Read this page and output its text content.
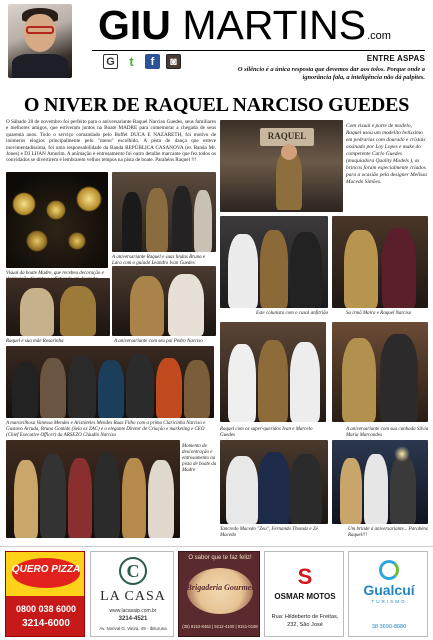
GIU MARTINS.com
G	t	f	◙	ENTRE ASPAS
O silêncio é a única resposta que devemos dar aos tolos. Porque onde a ignorância fala, a inteligência não dá palpites.
O NIVER DE RAQUEL NARCISO GUEDES
O Sábado 28 de novembro foi perfeito para o aniversariante Raquel Narciso Guedes, seus familiares e melhores amigos, que estiveram juntos na Boate MADRE para comemorar a chegada de seus quarenta anos. Todo o serviço comandado pelo Buffet DUCA E NAZARETH, foi motivo de inúmeros elogios principalmente pelo "menu" escolhido. A pista de dança que esteve movimentadíssima, foi uma responsabilidade da Banda REPÚBLICA CASANOVA (ex Banda Mr. Jones) e DJ LIJAN Amorim. A animação e entrosamento foi outro detalhe marcante que fez todos os convidados se divertirem e lembrarem velhos tempos na pista de boate. Parabéns Raquel !!!
Com visual e porte de modelo, Raquel usou um modelito belíssimo em pedrarias com dourado e cristais assinado por Loy Lopes e make do competente Carlo Guedes (maquiadora Quality Models ), as brincos foram especialmente criados para a ocasião pela designer Melissa Macedo Simões.
RAQUEL
Visual da boate Madre, que recebeu decoração e
A aniversariante Raquel e suas lindas Bruna e Lara com o guiado Leandro Ivan Guedes
Este colunista com o casal anfitrião	Sa irmã Maira e Raquel Narciso
Raquel e sua mãe Rosarinha	A aniversariante com seu pai Pedro Narciso
A maravilhosa Vanessa Mendes e Aristóteles Mendes Ruas Filho com a prima Claricinha Narciso e Gustavo Arruda, Bruno Gomide (Sela ex ZAC) e o elegante Diretor de Criação e marketing e CEO (Chief Executive Officer) da ARSEZO Cláudio Narciso
Raquel com os super-queridos Ivan e Marcelo Guedes
A aniversariante com sua cunhada Silvia Maria Marcondes
Momento de descontração e entrosamento na pista de boate da Madre
Tancredo Macedo "Zeu", Fernando Thomáz e Zé Macedo
Um brinde à aniversariante... Parabéns Raquel!!!
QUERO PIZZA
0800 038 6000
3214-6000
C
LA CASA
www.lacasaip.com.br
3214-4521
Av. Norival G. Vieira, 49 - Ibituruna
O sabor que te faz feliz!
Brigaderia Gourmet
(38) 9152-8462 | 9212-4100 | 9151-0188
S
OSMAR MOTOS
Rua: Hildeberto de Freitas,
232, São José
Gualcuí
TURISMO
38 3690-8080
